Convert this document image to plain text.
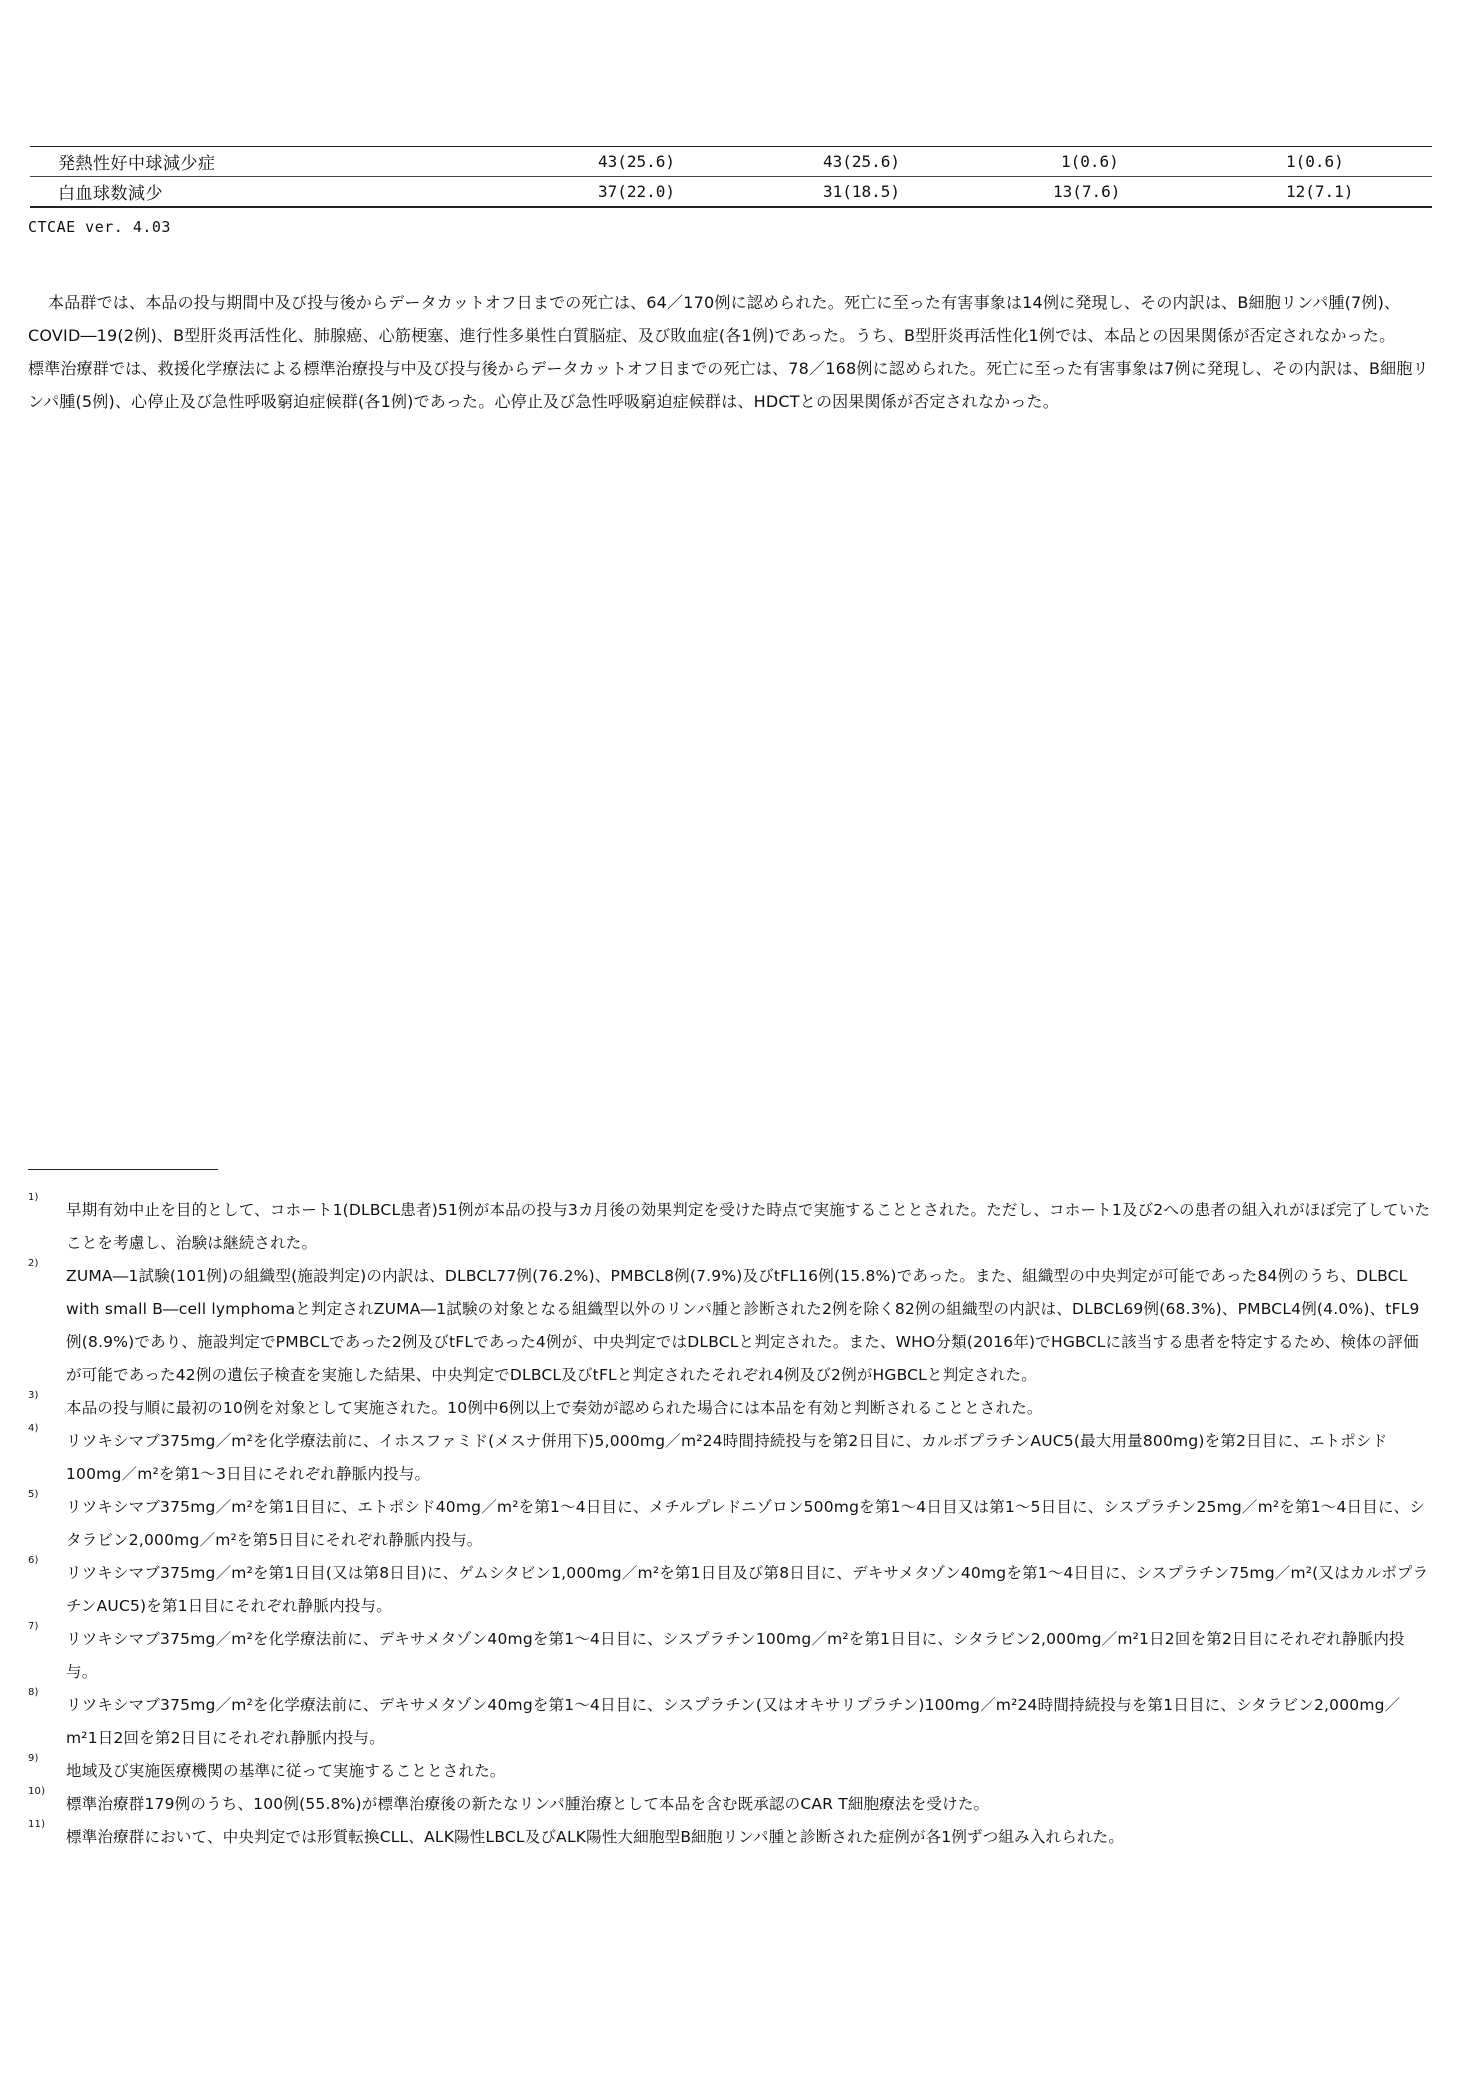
発熱性好中球減少症	43(25.6)	43(25.6)	1(0.6)	1(0.6)
白血球数減少	37(22.0)	31(18.5)	13(7.6)	12(7.1)
CTCAE ver. 4.03

本品群では、本品の投与期間中及び投与後からデータカットオフ日までの死亡は、64／170例に認められた。死亡に至った有害事象は14例に発現し、その内訳は、B細胞リンパ腫(7例)、COVID―19(2例)、B型肝炎再活性化、肺腺癌、心筋梗塞、進行性多巣性白質脳症、及び敗血症(各1例)であった。うち、B型肝炎再活性化1例では、本品との因果関係が否定されなかった。

標準治療群では、救援化学療法による標準治療投与中及び投与後からデータカットオフ日までの死亡は、78／168例に認められた。死亡に至った有害事象は7例に発現し、その内訳は、B細胞リンパ腫(5例)、心停止及び急性呼吸窮迫症候群(各1例)であった。心停止及び急性呼吸窮迫症候群は、HDCTとの因果関係が否定されなかった。

1)
早期有効中止を目的として、コホート1(DLBCL患者)51例が本品の投与3カ月後の効果判定を受けた時点で実施することとされた。ただし、コホート1及び2への患者の組入れがほぼ完了していたことを考慮し、治験は継続された。
2)
ZUMA―1試験(101例)の組織型(施設判定)の内訳は、DLBCL77例(76.2%)、PMBCL8例(7.9%)及びtFL16例(15.8%)であった。また、組織型の中央判定が可能であった84例のうち、DLBCL with small B―cell lymphomaと判定されZUMA―1試験の対象となる組織型以外のリンパ腫と診断された2例を除く82例の組織型の内訳は、DLBCL69例(68.3%)、PMBCL4例(4.0%)、tFL9例(8.9%)であり、施設判定でPMBCLであった2例及びtFLであった4例が、中央判定ではDLBCLと判定された。また、WHO分類(2016年)でHGBCLに該当する患者を特定するため、検体の評価が可能であった42例の遺伝子検査を実施した結果、中央判定でDLBCL及びtFLと判定されたそれぞれ4例及び2例がHGBCLと判定された。
3)
本品の投与順に最初の10例を対象として実施された。10例中6例以上で奏効が認められた場合には本品を有効と判断されることとされた。
4)
リツキシマブ375mg／m²を化学療法前に、イホスファミド(メスナ併用下)5,000mg／m²24時間持続投与を第2日目に、カルボプラチンAUC5(最大用量800mg)を第2日目に、エトポシド100mg／m²を第1～3日目にそれぞれ静脈内投与。
5)
リツキシマブ375mg／m²を第1日目に、エトポシド40mg／m²を第1～4日目に、メチルプレドニゾロン500mgを第1～4日目又は第1～5日目に、シスプラチン25mg／m²を第1～4日目に、シタラビン2,000mg／m²を第5日目にそれぞれ静脈内投与。
6)
リツキシマブ375mg／m²を第1日目(又は第8日目)に、ゲムシタビン1,000mg／m²を第1日目及び第8日目に、デキサメタゾン40mgを第1～4日目に、シスプラチン75mg／m²(又はカルボプラチンAUC5)を第1日目にそれぞれ静脈内投与。
7)
リツキシマブ375mg／m²を化学療法前に、デキサメタゾン40mgを第1～4日目に、シスプラチン100mg／m²を第1日目に、シタラビン2,000mg／m²1日2回を第2日目にそれぞれ静脈内投与。
8)
リツキシマブ375mg／m²を化学療法前に、デキサメタゾン40mgを第1～4日目に、シスプラチン(又はオキサリプラチン)100mg／m²24時間持続投与を第1日目に、シタラビン2,000mg／m²1日2回を第2日目にそれぞれ静脈内投与。
9)
地域及び実施医療機関の基準に従って実施することとされた。
10)
標準治療群179例のうち、100例(55.8%)が標準治療後の新たなリンパ腫治療として本品を含む既承認のCAR T細胞療法を受けた。
11)
標準治療群において、中央判定では形質転換CLL、ALK陽性LBCL及びALK陽性大細胞型B細胞リンパ腫と診断された症例が各1例ずつ組み入れられた。
